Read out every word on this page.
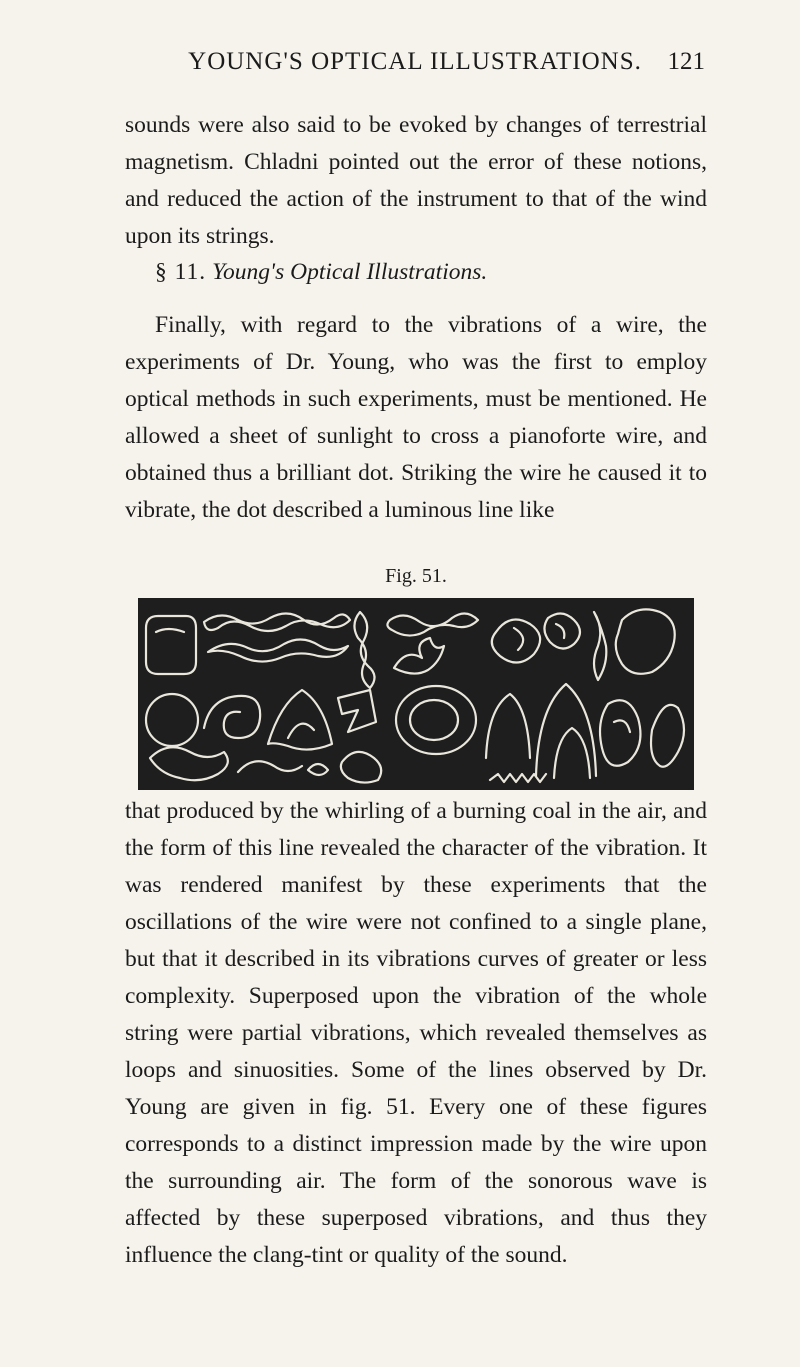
YOUNG'S OPTICAL ILLUSTRATIONS.	121

sounds were also said to be evoked by changes of terrestrial magnetism. Chladni pointed out the error of these notions, and reduced the action of the instrument to that of the wind upon its strings.

§ 11. Young's Optical Illustrations.

Finally, with regard to the vibrations of a wire, the experiments of Dr. Young, who was the first to employ optical methods in such experiments, must be mentioned. He allowed a sheet of sunlight to cross a pianoforte wire, and obtained thus a brilliant dot. Striking the wire he caused it to vibrate, the dot described a luminous line like

Fig. 51.

that produced by the whirling of a burning coal in the air, and the form of this line revealed the character of the vibration. It was rendered manifest by these experiments that the oscillations of the wire were not confined to a single plane, but that it described in its vibrations curves of greater or less complexity. Superposed upon the vibration of the whole string were partial vibrations, which revealed themselves as loops and sinuosities. Some of the lines observed by Dr. Young are given in fig. 51. Every one of these figures corresponds to a distinct impression made by the wire upon the surrounding air. The form of the sonorous wave is affected by these superposed vibrations, and thus they influence the clang-tint or quality of the sound.
